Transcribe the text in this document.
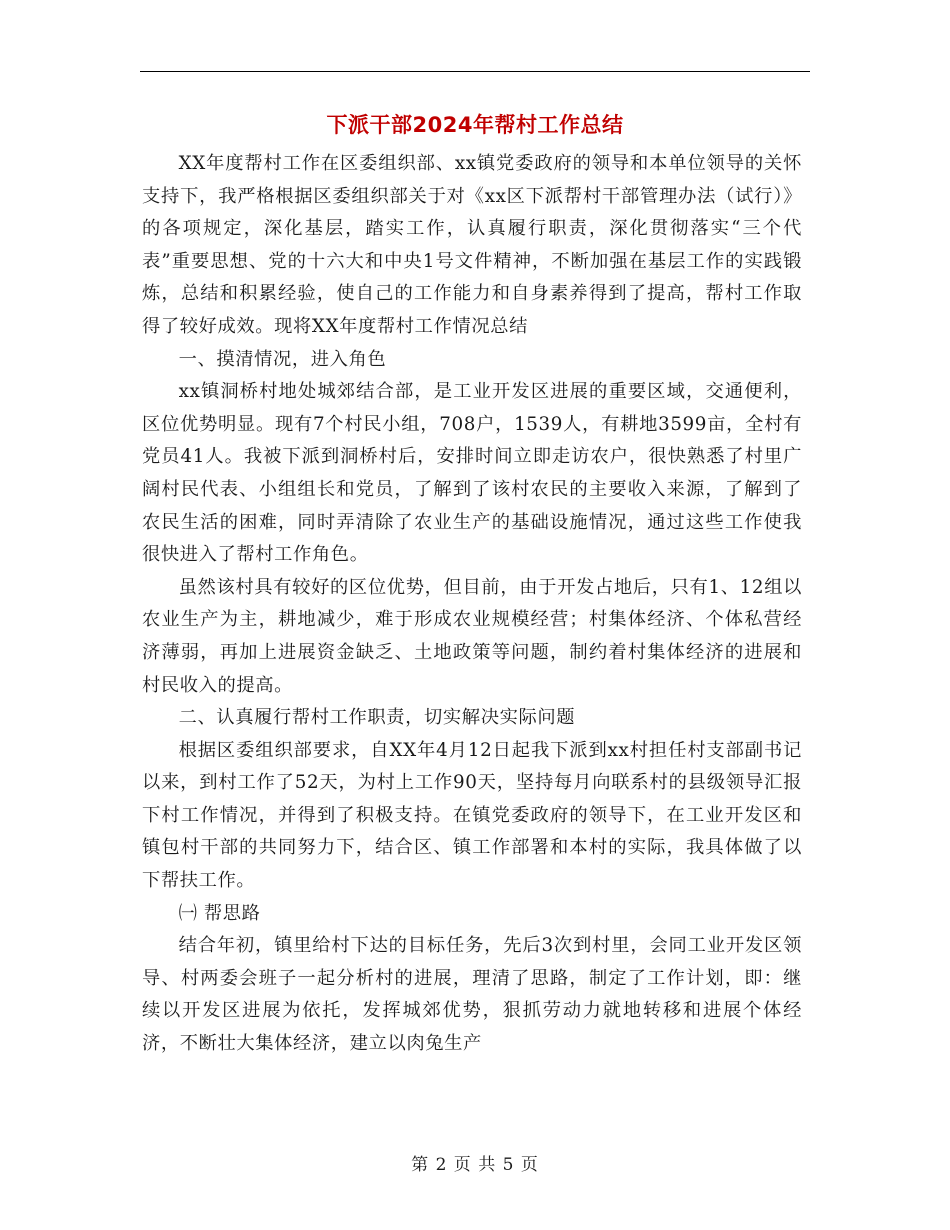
下派干部2024年帮村工作总结

XX年度帮村工作在区委组织部、xx镇党委政府的领导和本单位领导的关怀支持下，我严格根据区委组织部关于对《xx区下派帮村干部管理办法（试行）》的各项规定，深化基层，踏实工作，认真履行职责，深化贯彻落实“三个代表”重要思想、党的十六大和中央1号文件精神，不断加强在基层工作的实践锻炼，总结和积累经验，使自己的工作能力和自身素养得到了提高，帮村工作取得了较好成效。现将XX年度帮村工作情况总结

一、摸清情况，进入角色

xx镇洞桥村地处城郊结合部，是工业开发区进展的重要区域，交通便利，区位优势明显。现有7个村民小组，708户，1539人，有耕地3599亩，全村有党员41人。我被下派到洞桥村后，安排时间立即走访农户，很快熟悉了村里广阔村民代表、小组组长和党员，了解到了该村农民的主要收入来源，了解到了农民生活的困难，同时弄清除了农业生产的基础设施情况，通过这些工作使我很快进入了帮村工作角色。

虽然该村具有较好的区位优势，但目前，由于开发占地后，只有1、12组以农业生产为主，耕地减少，难于形成农业规模经营；村集体经济、个体私营经济薄弱，再加上进展资金缺乏、土地政策等问题，制约着村集体经济的进展和村民收入的提高。

二、认真履行帮村工作职责，切实解决实际问题

根据区委组织部要求，自XX年4月12日起我下派到xx村担任村支部副书记以来，到村工作了52天，为村上工作90天，坚持每月向联系村的县级领导汇报下村工作情况，并得到了积极支持。在镇党委政府的领导下，在工业开发区和镇包村干部的共同努力下，结合区、镇工作部署和本村的实际，我具体做了以下帮扶工作。

㈠ 帮思路

结合年初，镇里给村下达的目标任务，先后3次到村里，会同工业开发区领导、村两委会班子一起分析村的进展，理清了思路，制定了工作计划，即：继续以开发区进展为依托，发挥城郊优势，狠抓劳动力就地转移和进展个体经济，不断壮大集体经济，建立以肉兔生产

第 2 页 共 5 页
